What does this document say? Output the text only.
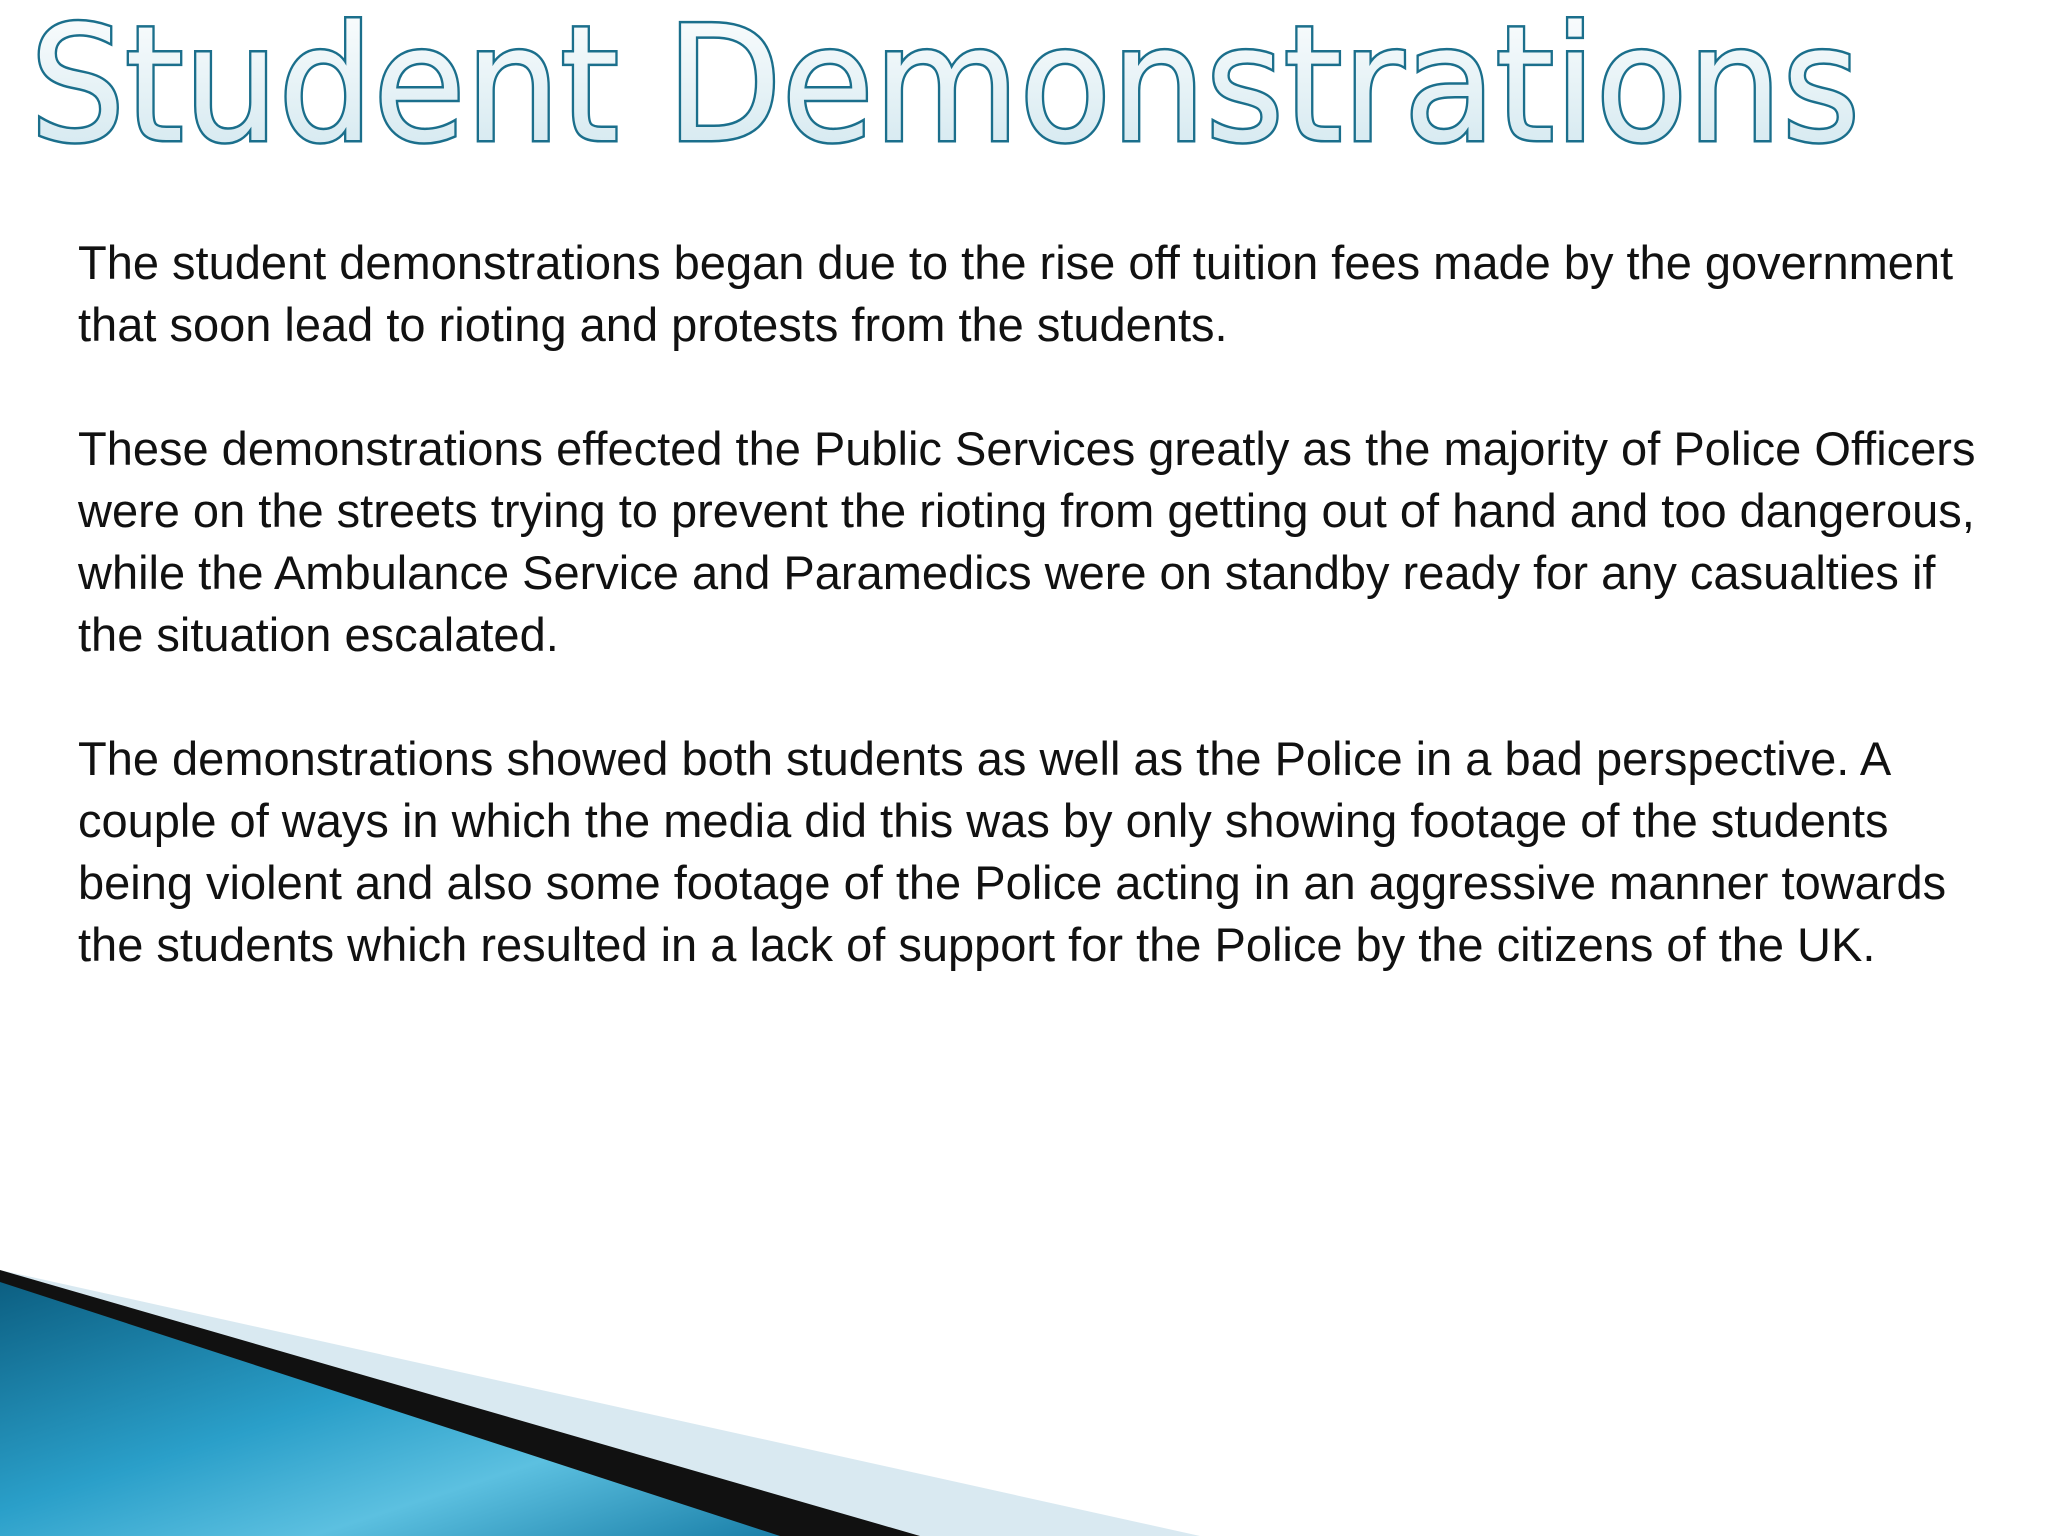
Student Demonstrations

The student demonstrations began due to the rise off tuition fees made by the government that soon lead to rioting and protests from the students.

These demonstrations effected the Public Services greatly as the majority of Police Officers were on the streets trying to prevent the rioting from getting out of hand and too dangerous, while the Ambulance Service and Paramedics were on standby ready for any casualties if the situation escalated.

The demonstrations showed both students as well as the Police in a bad perspective. A couple of ways in which the media did this was by only showing footage of the students being violent and also some footage of the Police acting in an aggressive manner towards the students which resulted in a lack of support for the Police by the citizens of the UK.
